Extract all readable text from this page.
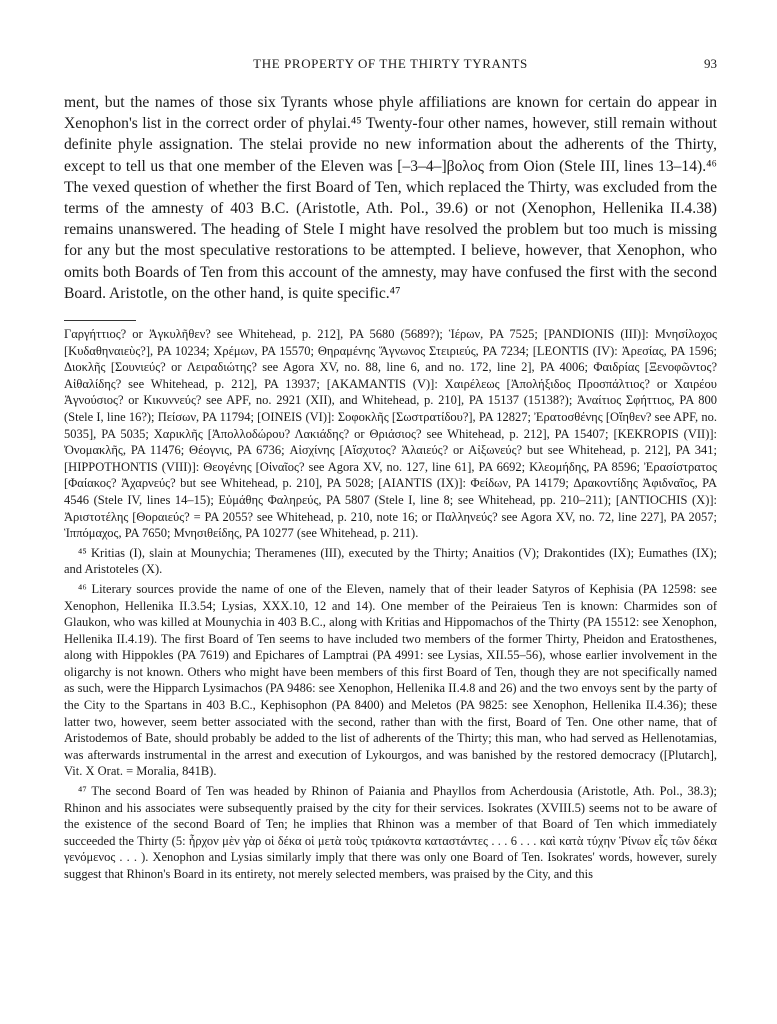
THE PROPERTY OF THE THIRTY TYRANTS	93

ment, but the names of those six Tyrants whose phyle affiliations are known for certain do appear in Xenophon's list in the correct order of phylai.⁴⁵ Twenty-four other names, however, still remain without definite phyle assignation. The stelai provide no new information about the adherents of the Thirty, except to tell us that one member of the Eleven was [–3–4–]βολος from Oion (Stele III, lines 13–14).⁴⁶ The vexed question of whether the first Board of Ten, which replaced the Thirty, was excluded from the terms of the amnesty of 403 B.C. (Aristotle, Ath. Pol., 39.6) or not (Xenophon, Hellenika II.4.38) remains unanswered. The heading of Stele I might have resolved the problem but too much is missing for any but the most speculative restorations to be attempted. I believe, however, that Xenophon, who omits both Boards of Ten from this account of the amnesty, may have confused the first with the second Board. Aristotle, on the other hand, is quite specific.⁴⁷

Γαργήττιος? or Ἀγκυλῆθεν? see Whitehead, p. 212], PA 5680 (5689?); Ἱέρων, PA 7525; [PANDIONIS (III)]: Μνησίλοχος [Κυδαθηναιεὺς?], PA 10234; Χρέμων, PA 15570; Θηραμένης Ἅγνωνος Στειριεύς, PA 7234; [LEONTIS (IV): Ἀρεσίας, PA 1596; Διοκλῆς [Σουνιεύς? or Λειραδιώτης? see Agora XV, no. 88, line 6, and no. 172, line 2], PA 4006; Φαιδρίας [Ξενοφῶντος? Αἰθαλίδης? see Whitehead, p. 212], PA 13937; [AKAMANTIS (V)]: Χαιρέλεως [Ἀπολήξιδος Προσπάλτιος? or Χαιρέου Ἁγνούσιος? or Κικυννεύς? see APF, no. 2921 (XII), and Whitehead, p. 210], PA 15137 (15138?); Ἀναίτιος Σφήττιος, PA 800 (Stele I, line 16?); Πείσων, PA 11794; [OINEIS (VI)]: Σοφοκλῆς [Σωστρατίδου?], PA 12827; Ἐρατοσθένης [Οἴηθεν? see APF, no. 5035], PA 5035; Χαρικλῆς [Ἀπολλοδώρου? Λακιάδης? or Θριάσιος? see Whitehead, p. 212], PA 15407; [KEKROPIS (VII)]: Ὀνομακλῆς, PA 11476; Θέογνις, PA 6736; Αἰσχίνης [Αἴσχυτος? Ἁλαιεύς? or Αἰξωνεύς? but see Whitehead, p. 212], PA 341; [HIPPOTHONTIS (VIII)]: Θεογένης [Οἰναῖος? see Agora XV, no. 127, line 61], PA 6692; Κλεομήδης, PA 8596; Ἐρασίστρατος [Φαίακος? Ἀχαρνεύς? but see Whitehead, p. 210], PA 5028; [AIANTIS (IX)]: Φείδων, PA 14179; Δρακοντίδης Ἀφιδναῖος, PA 4546 (Stele IV, lines 14–15); Εὐμάθης Φαληρεύς, PA 5807 (Stele I, line 8; see Whitehead, pp. 210–211); [ANTIOCHIS (X)]: Ἀριστοτέλης [Θοραιεύς? = PA 2055? see Whitehead, p. 210, note 16; or Παλληνεύς? see Agora XV, no. 72, line 227], PA 2057; Ἱππόμαχος, PA 7650; Μνησιθείδης, PA 10277 (see Whitehead, p. 211).

⁴⁵ Kritias (I), slain at Mounychia; Theramenes (III), executed by the Thirty; Anaitios (V); Drakontides (IX); Eumathes (IX); and Aristoteles (X).

⁴⁶ Literary sources provide the name of one of the Eleven, namely that of their leader Satyros of Kephisia (PA 12598: see Xenophon, Hellenika II.3.54; Lysias, XXX.10, 12 and 14). One member of the Peiraieus Ten is known: Charmides son of Glaukon, who was killed at Mounychia in 403 B.C., along with Kritias and Hippomachos of the Thirty (PA 15512: see Xenophon, Hellenika II.4.19). The first Board of Ten seems to have included two members of the former Thirty, Pheidon and Eratosthenes, along with Hippokles (PA 7619) and Epichares of Lamptrai (PA 4991: see Lysias, XII.55–56), whose earlier involvement in the oligarchy is not known. Others who might have been members of this first Board of Ten, though they are not specifically named as such, were the Hipparch Lysimachos (PA 9486: see Xenophon, Hellenika II.4.8 and 26) and the two envoys sent by the party of the City to the Spartans in 403 B.C., Kephisophon (PA 8400) and Meletos (PA 9825: see Xenophon, Hellenika II.4.36); these latter two, however, seem better associated with the second, rather than with the first, Board of Ten. One other name, that of Aristodemos of Bate, should probably be added to the list of adherents of the Thirty; this man, who had served as Hellenotamias, was afterwards instrumental in the arrest and execution of Lykourgos, and was banished by the restored democracy ([Plutarch], Vit. X Orat. = Moralia, 841B).

⁴⁷ The second Board of Ten was headed by Rhinon of Paiania and Phayllos from Acherdousia (Aristotle, Ath. Pol., 38.3); Rhinon and his associates were subsequently praised by the city for their services. Isokrates (XVIII.5) seems not to be aware of the existence of the second Board of Ten; he implies that Rhinon was a member of that Board of Ten which immediately succeeded the Thirty (5: ἦρχον μὲν γὰρ οἱ δέκα οἱ μετὰ τοὺς τριάκοντα καταστάντες . . . 6 . . . καὶ κατὰ τύχην Ῥίνων εἷς τῶν δέκα γενόμενος . . . ). Xenophon and Lysias similarly imply that there was only one Board of Ten. Isokrates' words, however, surely suggest that Rhinon's Board in its entirety, not merely selected members, was praised by the City, and this
